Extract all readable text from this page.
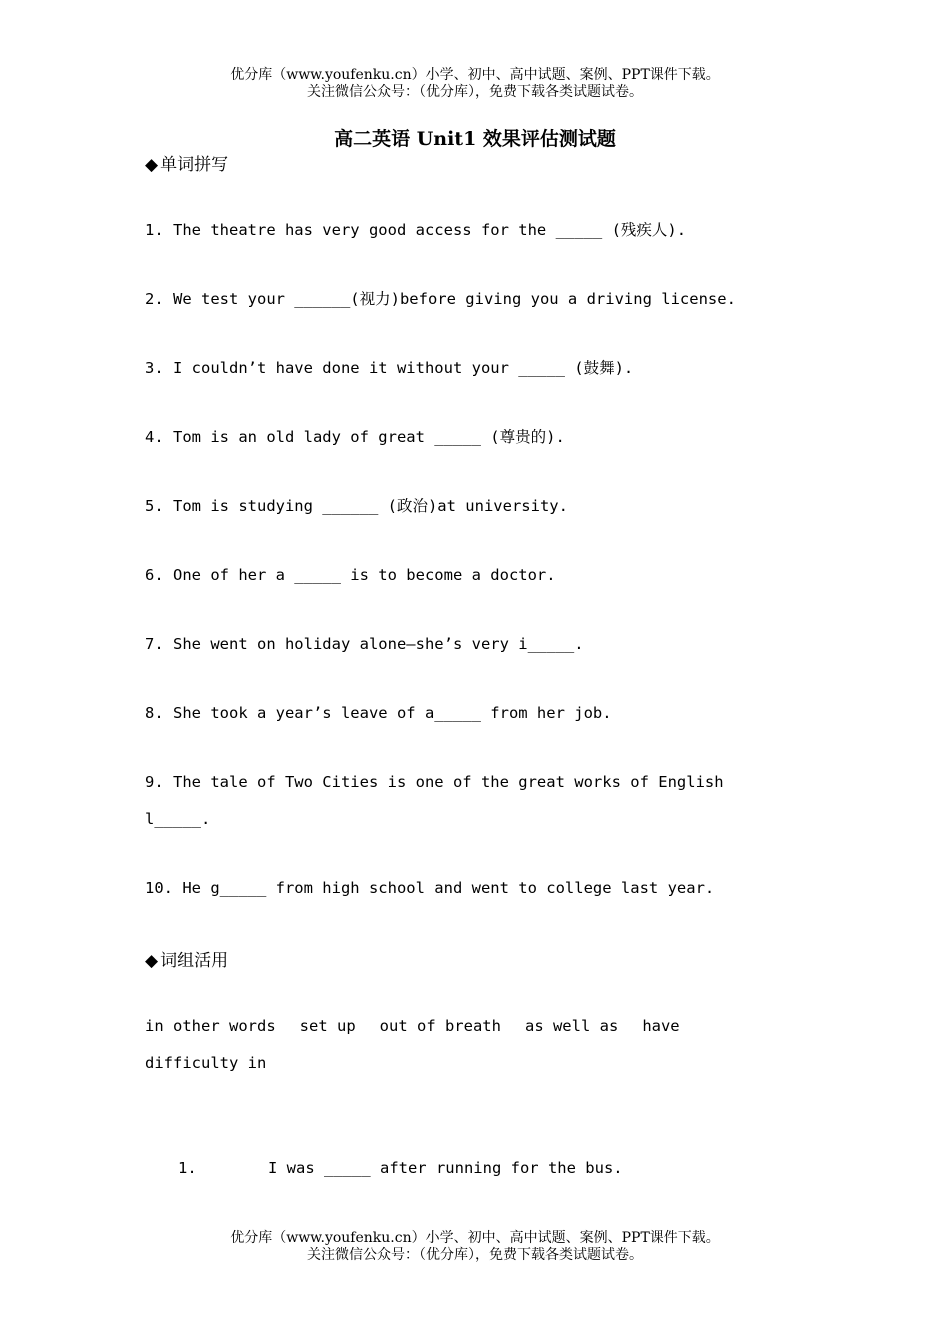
优分库（www.youfenku.cn）小学、初中、高中试题、案例、PPT课件下载。
关注微信公众号：（优分库），免费下载各类试题试卷。
高二英语 Unit1 效果评估测试题
◆ 单词拼写
1. The theatre has very good access for the _____ (残疾人).
2. We test your ______(视力)before giving you a driving license.
3. I couldn’t have done it without your _____ (鼓舞).
4. Tom is an old lady of great _____ (尊贵的).
5. Tom is studying ______ (政治)at university.
6. One of her a _____ is to become a doctor.
7. She went on holiday alone—she’s very i_____.
8. She took a year’s leave of a_____ from her job.
9. The tale of Two Cities is one of the great works of English
l_____.
10. He g_____ from high school and went to college last year.
◆ 词组活用
in other words set up out of breath as well as have
difficulty in
1.	I was _____ after running for the bus.
优分库（www.youfenku.cn）小学、初中、高中试题、案例、PPT课件下载。
关注微信公众号：（优分库），免费下载各类试题试卷。
